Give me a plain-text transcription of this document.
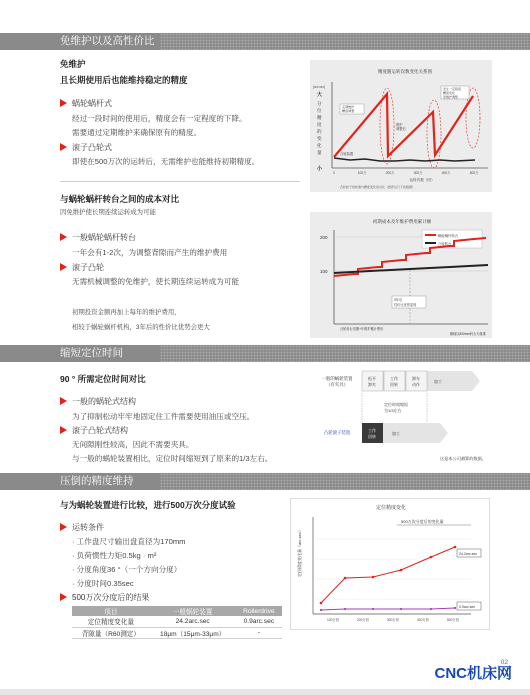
免维护以及高性价比
免维护
且长期使用后也能维持稳定的精度
蜗轮蜗杆式
经过一段时间的使用后，精度会有一定程度的下降。
需要通过定期维护来确保原有的精度。
滚子凸轮式
即使在500万次的运转后，无需维护也能维持初期精度。
精度随运转次数变化关系图
[arc.sec]
大
小
分
位
精
度
的
变
化
量
定期维护
精度调整
维护
调整后
发生一定程度
精度变化
需维护调整
凸轮装置
0	100万	200万	300万	400万	500万
运转次数（回）
凸轮转子的转速与精度变化的对比（推荐运行下的数据）
与蜗轮蜗杆转台之间的成本对比
因免维护使长期连续运转成为可能
一般蜗轮蜗杆转台
一年会有1-2次，为调整背隙而产生的维护费用
滚子凸轮
无需机械调整的免维护，使长期连续运转成为可能
初期投资金额再加上每年的维护费用，
相较于蜗轮蜗杆机构，3年后的性价比优势会更大
初期成本及年维护费用累计额
200
100
蜗轮蜗杆转台
凸轮转台
3年后
性价比优势显现
凸轮转台初期+年维护累计费用
横轴以500mm转台为基准
缩短定位时间
90 ° 所需定位时间对比
一般的蜗轮式结构
为了抑制松动牢牢地固定住工件需要使用油压或空压。
滚子凸轮式结构
无间隙刚性较高，因此不需要夹具。
与一般的蜗轮装置相比，定位时间缩短到了原来的1/3左右。
一般的蜗轮装置
（有夹具）
松开
卸夹
工作
回转
卸车
动作
加工
定位时间缩短
为1/3左右
凸轮滚子装置	工作
回转
加工
这是本公司测算的数据。
压倒的精度维持
与为蜗轮装置进行比较，进行500万次分度试验
运转条件
· 工作盘尺寸输出盘直径为170mm
· 负荷惯性力矩0.5kg · m²
· 分度角度36 °（一个方向分度）
· 分度时间0.35sec
500万次分度后的结果
项目	一般蜗轮装置	Rollerdrive
定位精度变化量	24.2arc.sec	0.9arc.sec
背隙量（R60测定）	18μm（15μm-33μm）	-
定位精度变化
500万次分度后的变化量
定位精度变化量（arc.sec）	24.2arc.sec
0.9arc.sec
100万回	200万回	300万回	400万回	500万回
02
CNC机床网
